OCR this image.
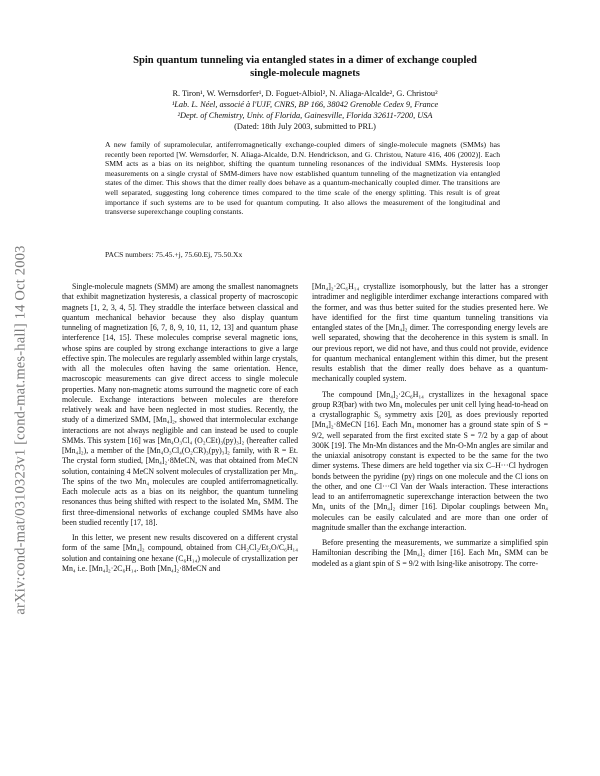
arXiv:cond-mat/0310323v1 [cond-mat.mes-hall] 14 Oct 2003
Spin quantum tunneling via entangled states in a dimer of exchange coupled
single-molecule magnets
R. Tiron¹, W. Wernsdorfer¹, D. Foguet-Albiol², N. Aliaga-Alcalde², G. Christou²
¹Lab. L. Néel, associé à l'UJF, CNRS, BP 166, 38042 Grenoble Cedex 9, France
²Dept. of Chemistry, Univ. of Florida, Gainesville, Florida 32611-7200, USA
(Dated: 18th July 2003, submitted to PRL)
A new family of supramolecular, antiferromagnetically exchange-coupled dimers of single-molecule magnets (SMMs) has recently been reported [W. Wernsdorfer, N. Aliaga-Alcalde, D.N. Hendrickson, and G. Christou, Nature 416, 406 (2002)]. Each SMM acts as a bias on its neighbor, shifting the quantum tunneling resonances of the individual SMMs. Hysteresis loop measurements on a single crystal of SMM-dimers have now established quantum tunneling of the magnetization via entangled states of the dimer. This shows that the dimer really does behave as a quantum-mechanically coupled dimer. The transitions are well separated, suggesting long coherence times compared to the time scale of the energy splitting. This result is of great importance if such systems are to be used for quantum computing. It also allows the measurement of the longitudinal and transverse superexchange coupling constants.
PACS numbers: 75.45.+j, 75.60.Ej, 75.50.Xx

Single-molecule magnets (SMM) are among the smallest nanomagnets that exhibit magnetization hysteresis, a classical property of macroscopic magnets [1, 2, 3, 4, 5]. They straddle the interface between classical and quantum mechanical behavior because they also display quantum tunneling of magnetization [6, 7, 8, 9, 10, 11, 12, 13] and quantum phase interference [14, 15]. These molecules comprise several magnetic ions, whose spins are coupled by strong exchange interactions to give a large effective spin. The molecules are regularly assembled within large crystals, with all the molecules often having the same orientation. Hence, macroscopic measurements can give direct access to single molecule properties. Many non-magnetic atoms surround the magnetic core of each molecule. Exchange interactions between molecules are therefore relatively weak and have been neglected in most studies. Recently, the study of a dimerized SMM, [Mn₄]₂, showed that intermolecular exchange interactions are not always negligible and can instead be used to couple SMMs. This system [16] was [Mn₄O₃Cl₄ (O₂CEt)₃(py)₃]₂ (hereafter called [Mn₄]₂), a member of the [Mn₄O₃Cl₄(O₂CR)₃(py)₃]₂ family, with R = Et. The crystal form studied, [Mn₄]₂·8MeCN, was that obtained from MeCN solution, containing 4 MeCN solvent molecules of crystallization per Mn₄. The spins of the two Mn₄ molecules are coupled antiferromagnetically. Each molecule acts as a bias on its neighbor, the quantum tunneling resonances thus being shifted with respect to the isolated Mn₄ SMM. The first three-dimensional networks of exchange coupled SMMs have also been studied recently [17, 18].

In this letter, we present new results discovered on a different crystal form of the same [Mn₄]₂ compound, obtained from CH₂Cl₂/Et₂O/C₆H₁₄ solution and containing one hexane (C₆H₁₄) molecule of crystallization per Mn₄ i.e. [Mn₄]₂·2C₆H₁₄. Both [Mn₄]₂·8MeCN and

[Mn₄]₂·2C₆H₁₄ crystallize isomorphously, but the latter has a stronger intradimer and negligible interdimer exchange interactions compared with the former, and was thus better suited for the studies presented here. We have identified for the first time quantum tunneling transitions via entangled states of the [Mn₄]₂ dimer. The corresponding energy levels are well separated, showing that the decoherence in this system is small. In our previous report, we did not have, and thus could not provide, evidence for quantum mechanical entanglement within this dimer, but the present results establish that the dimer really does behave as a quantum-mechanically coupled system.

The compound [Mn₄]₂·2C₆H₁₄ crystallizes in the hexagonal space group R3̄(bar) with two Mn₄ molecules per unit cell lying head-to-head on a crystallographic S₆ symmetry axis [20], as does previously reported [Mn₄]₂·8MeCN [16]. Each Mn₄ monomer has a ground state spin of S = 9/2, well separated from the first excited state S = 7/2 by a gap of about 300K [19]. The Mn-Mn distances and the Mn-O-Mn angles are similar and the uniaxial anisotropy constant is expected to be the same for the two dimer systems. These dimers are held together via six C–H···Cl hydrogen bonds between the pyridine (py) rings on one molecule and the Cl ions on the other, and one Cl···Cl Van der Waals interaction. These interactions lead to an antiferromagnetic superexchange interaction between the two Mn₄ units of the [Mn₄]₂ dimer [16]. Dipolar couplings between Mn₄ molecules can be easily calculated and are more than one order of magnitude smaller than the exchange interaction.

Before presenting the measurements, we summarize a simplified spin Hamiltonian describing the [Mn₄]₂ dimer [16]. Each Mn₄ SMM can be modeled as a giant spin of S = 9/2 with Ising-like anisotropy. The corre-
